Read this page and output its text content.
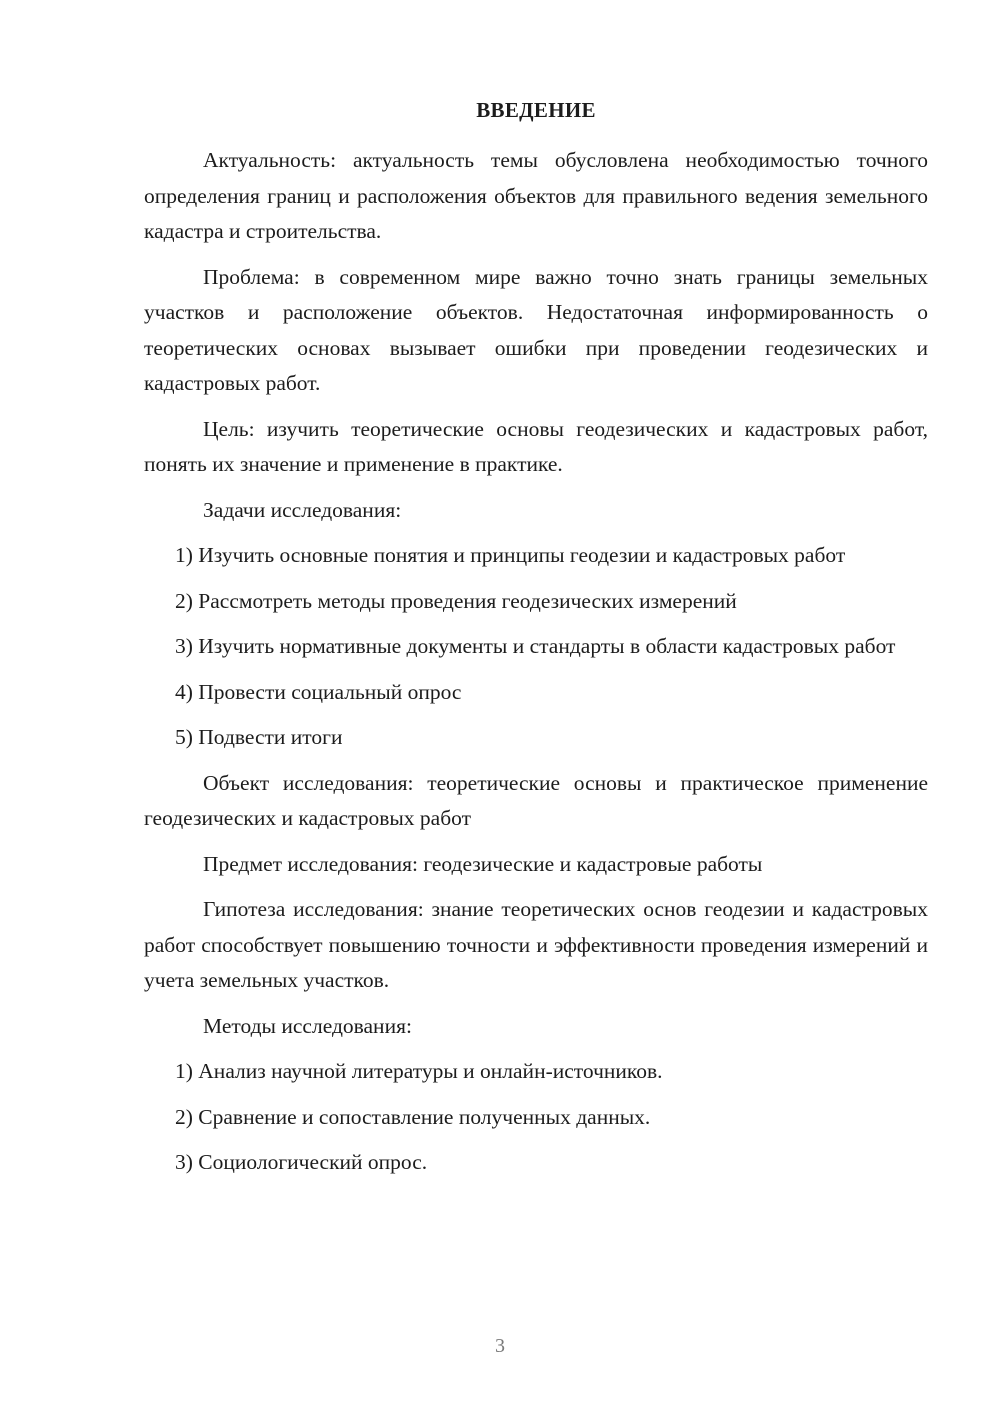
ВВЕДЕНИЕ

Актуальность: актуальность темы обусловлена необходимостью точного определения границ и расположения объектов для правильного ведения земельного кадастра и строительства.

Проблема: в современном мире важно точно знать границы земельных участков и расположение объектов. Недостаточная информированность о теоретических основах вызывает ошибки при проведении геодезических и кадастровых работ.

Цель: изучить теоретические основы геодезических и кадастровых работ, понять их значение и применение в практике.

Задачи исследования:

1) Изучить основные понятия и принципы геодезии и кадастровых работ

2) Рассмотреть методы проведения геодезических измерений

3) Изучить нормативные документы и стандарты в области кадастровых работ

4) Провести социальный опрос

5) Подвести итоги

Объект исследования: теоретические основы и практическое применение геодезических и кадастровых работ

Предмет исследования: геодезические и кадастровые работы

Гипотеза исследования: знание теоретических основ геодезии и кадастровых работ способствует повышению точности и эффективности проведения измерений и учета земельных участков.

Методы исследования:

1) Анализ научной литературы и онлайн-источников.

2) Сравнение и сопоставление полученных данных.

3) Социологический опрос.

3
